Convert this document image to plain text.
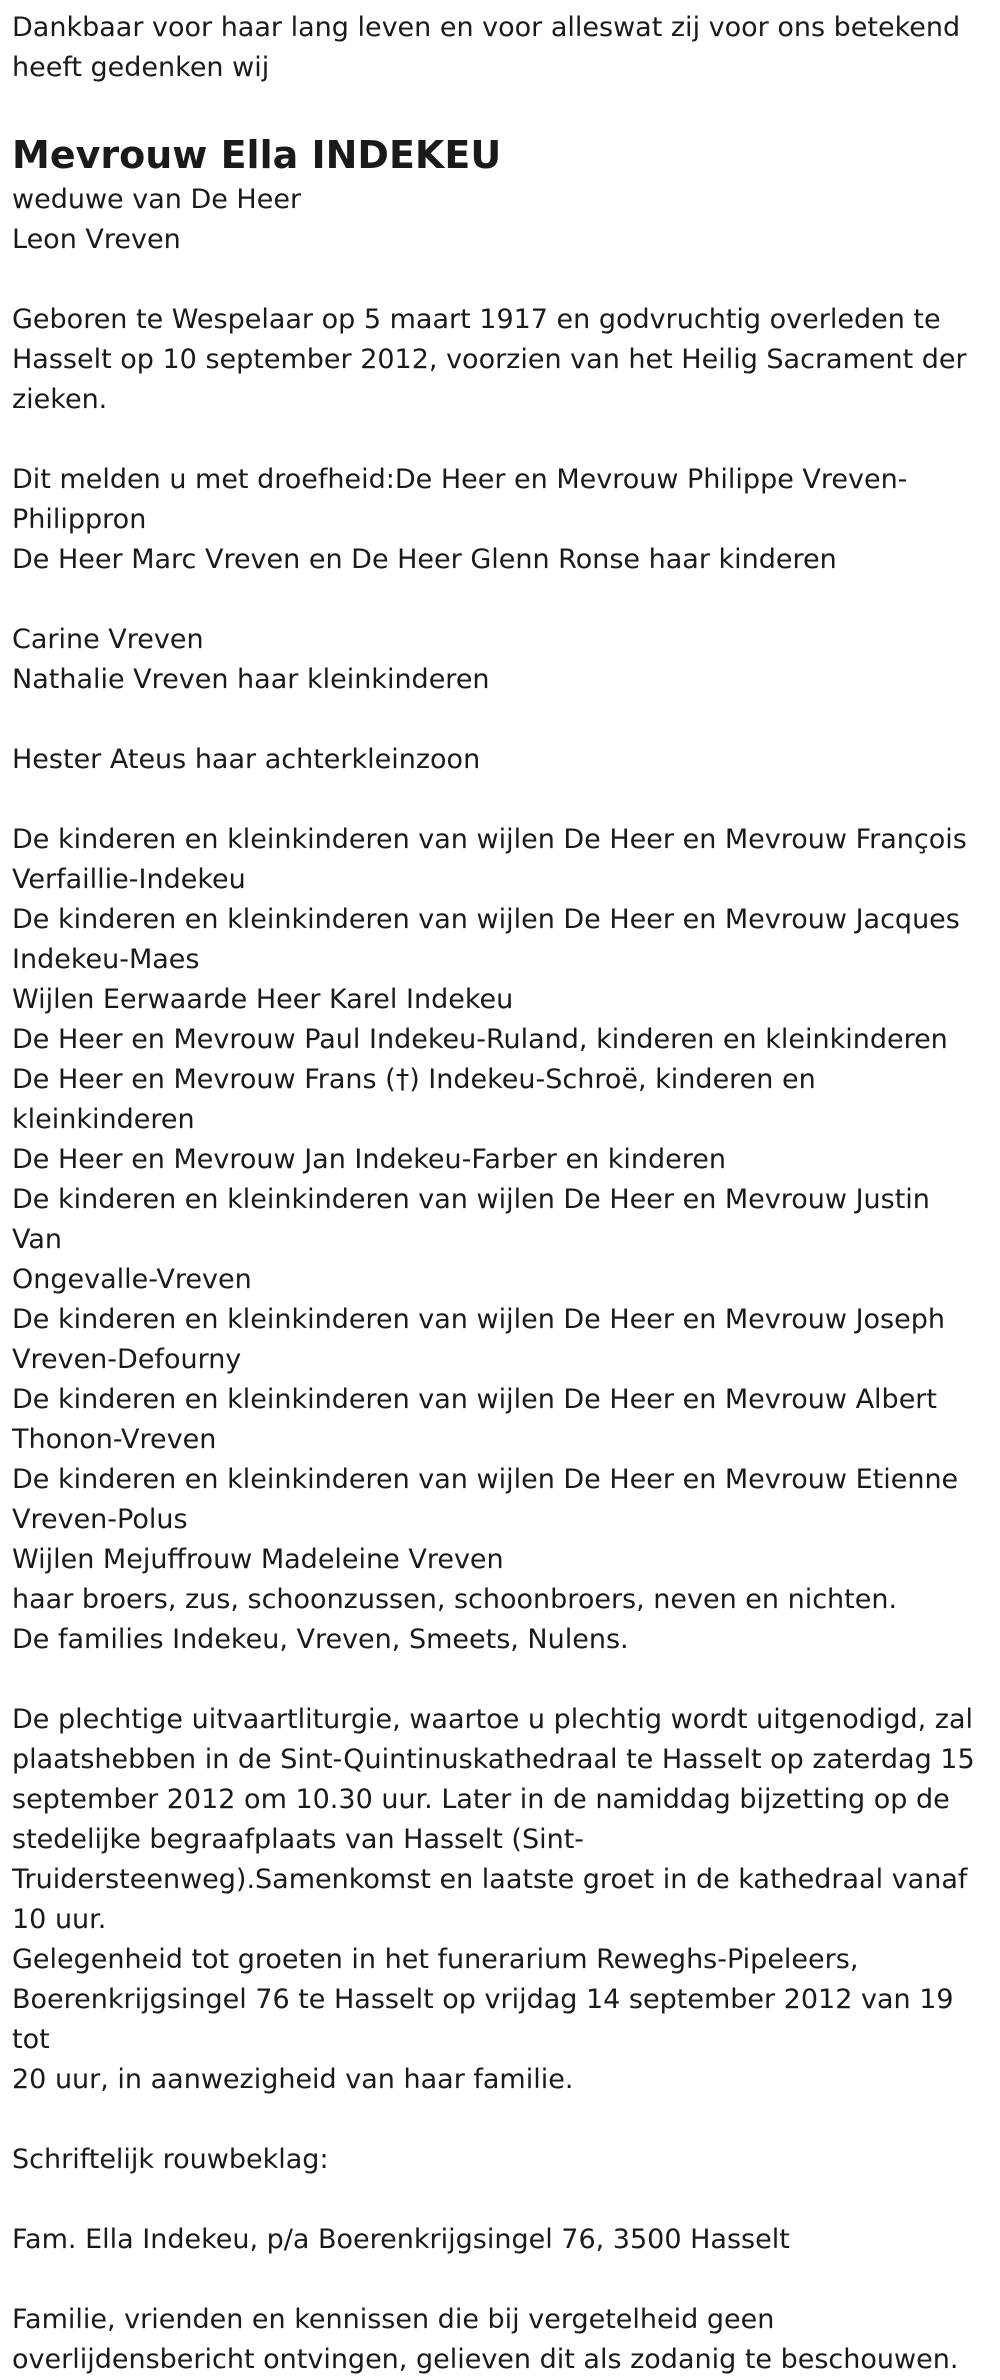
Dankbaar voor haar lang leven en voor alleswat zij voor ons betekend
heeft gedenken wij
Mevrouw Ella INDEKEU
weduwe van De Heer
Leon Vreven
Geboren te Wespelaar op 5 maart 1917 en godvruchtig overleden te
Hasselt op 10 september 2012, voorzien van het Heilig Sacrament der
zieken.
Dit melden u met droefheid:De Heer en Mevrouw Philippe Vreven-
Philippron
De Heer Marc Vreven en De Heer Glenn Ronse haar kinderen
Carine Vreven
Nathalie Vreven haar kleinkinderen
Hester Ateus haar achterkleinzoon
De kinderen en kleinkinderen van wijlen De Heer en Mevrouw François
Verfaillie-Indekeu
De kinderen en kleinkinderen van wijlen De Heer en Mevrouw Jacques
Indekeu-Maes
Wijlen Eerwaarde Heer Karel Indekeu
De Heer en Mevrouw Paul Indekeu-Ruland, kinderen en kleinkinderen
De Heer en Mevrouw Frans (†) Indekeu-Schroë, kinderen en
kleinkinderen
De Heer en Mevrouw Jan Indekeu-Farber en kinderen
De kinderen en kleinkinderen van wijlen De Heer en Mevrouw Justin Van
Ongevalle-Vreven
De kinderen en kleinkinderen van wijlen De Heer en Mevrouw Joseph
Vreven-Defourny
De kinderen en kleinkinderen van wijlen De Heer en Mevrouw Albert
Thonon-Vreven
De kinderen en kleinkinderen van wijlen De Heer en Mevrouw Etienne
Vreven-Polus
Wijlen Mejuffrouw Madeleine Vreven
haar broers, zus, schoonzussen, schoonbroers, neven en nichten.
De families Indekeu, Vreven, Smeets, Nulens.
De plechtige uitvaartliturgie, waartoe u plechtig wordt uitgenodigd, zal
plaatshebben in de Sint-Quintinuskathedraal te Hasselt op zaterdag 15
september 2012 om 10.30 uur. Later in de namiddag bijzetting op de
stedelijke begraafplaats van Hasselt (Sint-
Truidersteenweg).Samenkomst en laatste groet in de kathedraal vanaf
10 uur.
Gelegenheid tot groeten in het funerarium Reweghs-Pipeleers,
Boerenkrijgsingel 76 te Hasselt op vrijdag 14 september 2012 van 19 tot
20 uur, in aanwezigheid van haar familie.
Schriftelijk rouwbeklag:
Fam. Ella Indekeu, p/a Boerenkrijgsingel 76, 3500 Hasselt
Familie, vrienden en kennissen die bij vergetelheid geen
overlijdensbericht ontvingen, gelieven dit als zodanig te beschouwen.
